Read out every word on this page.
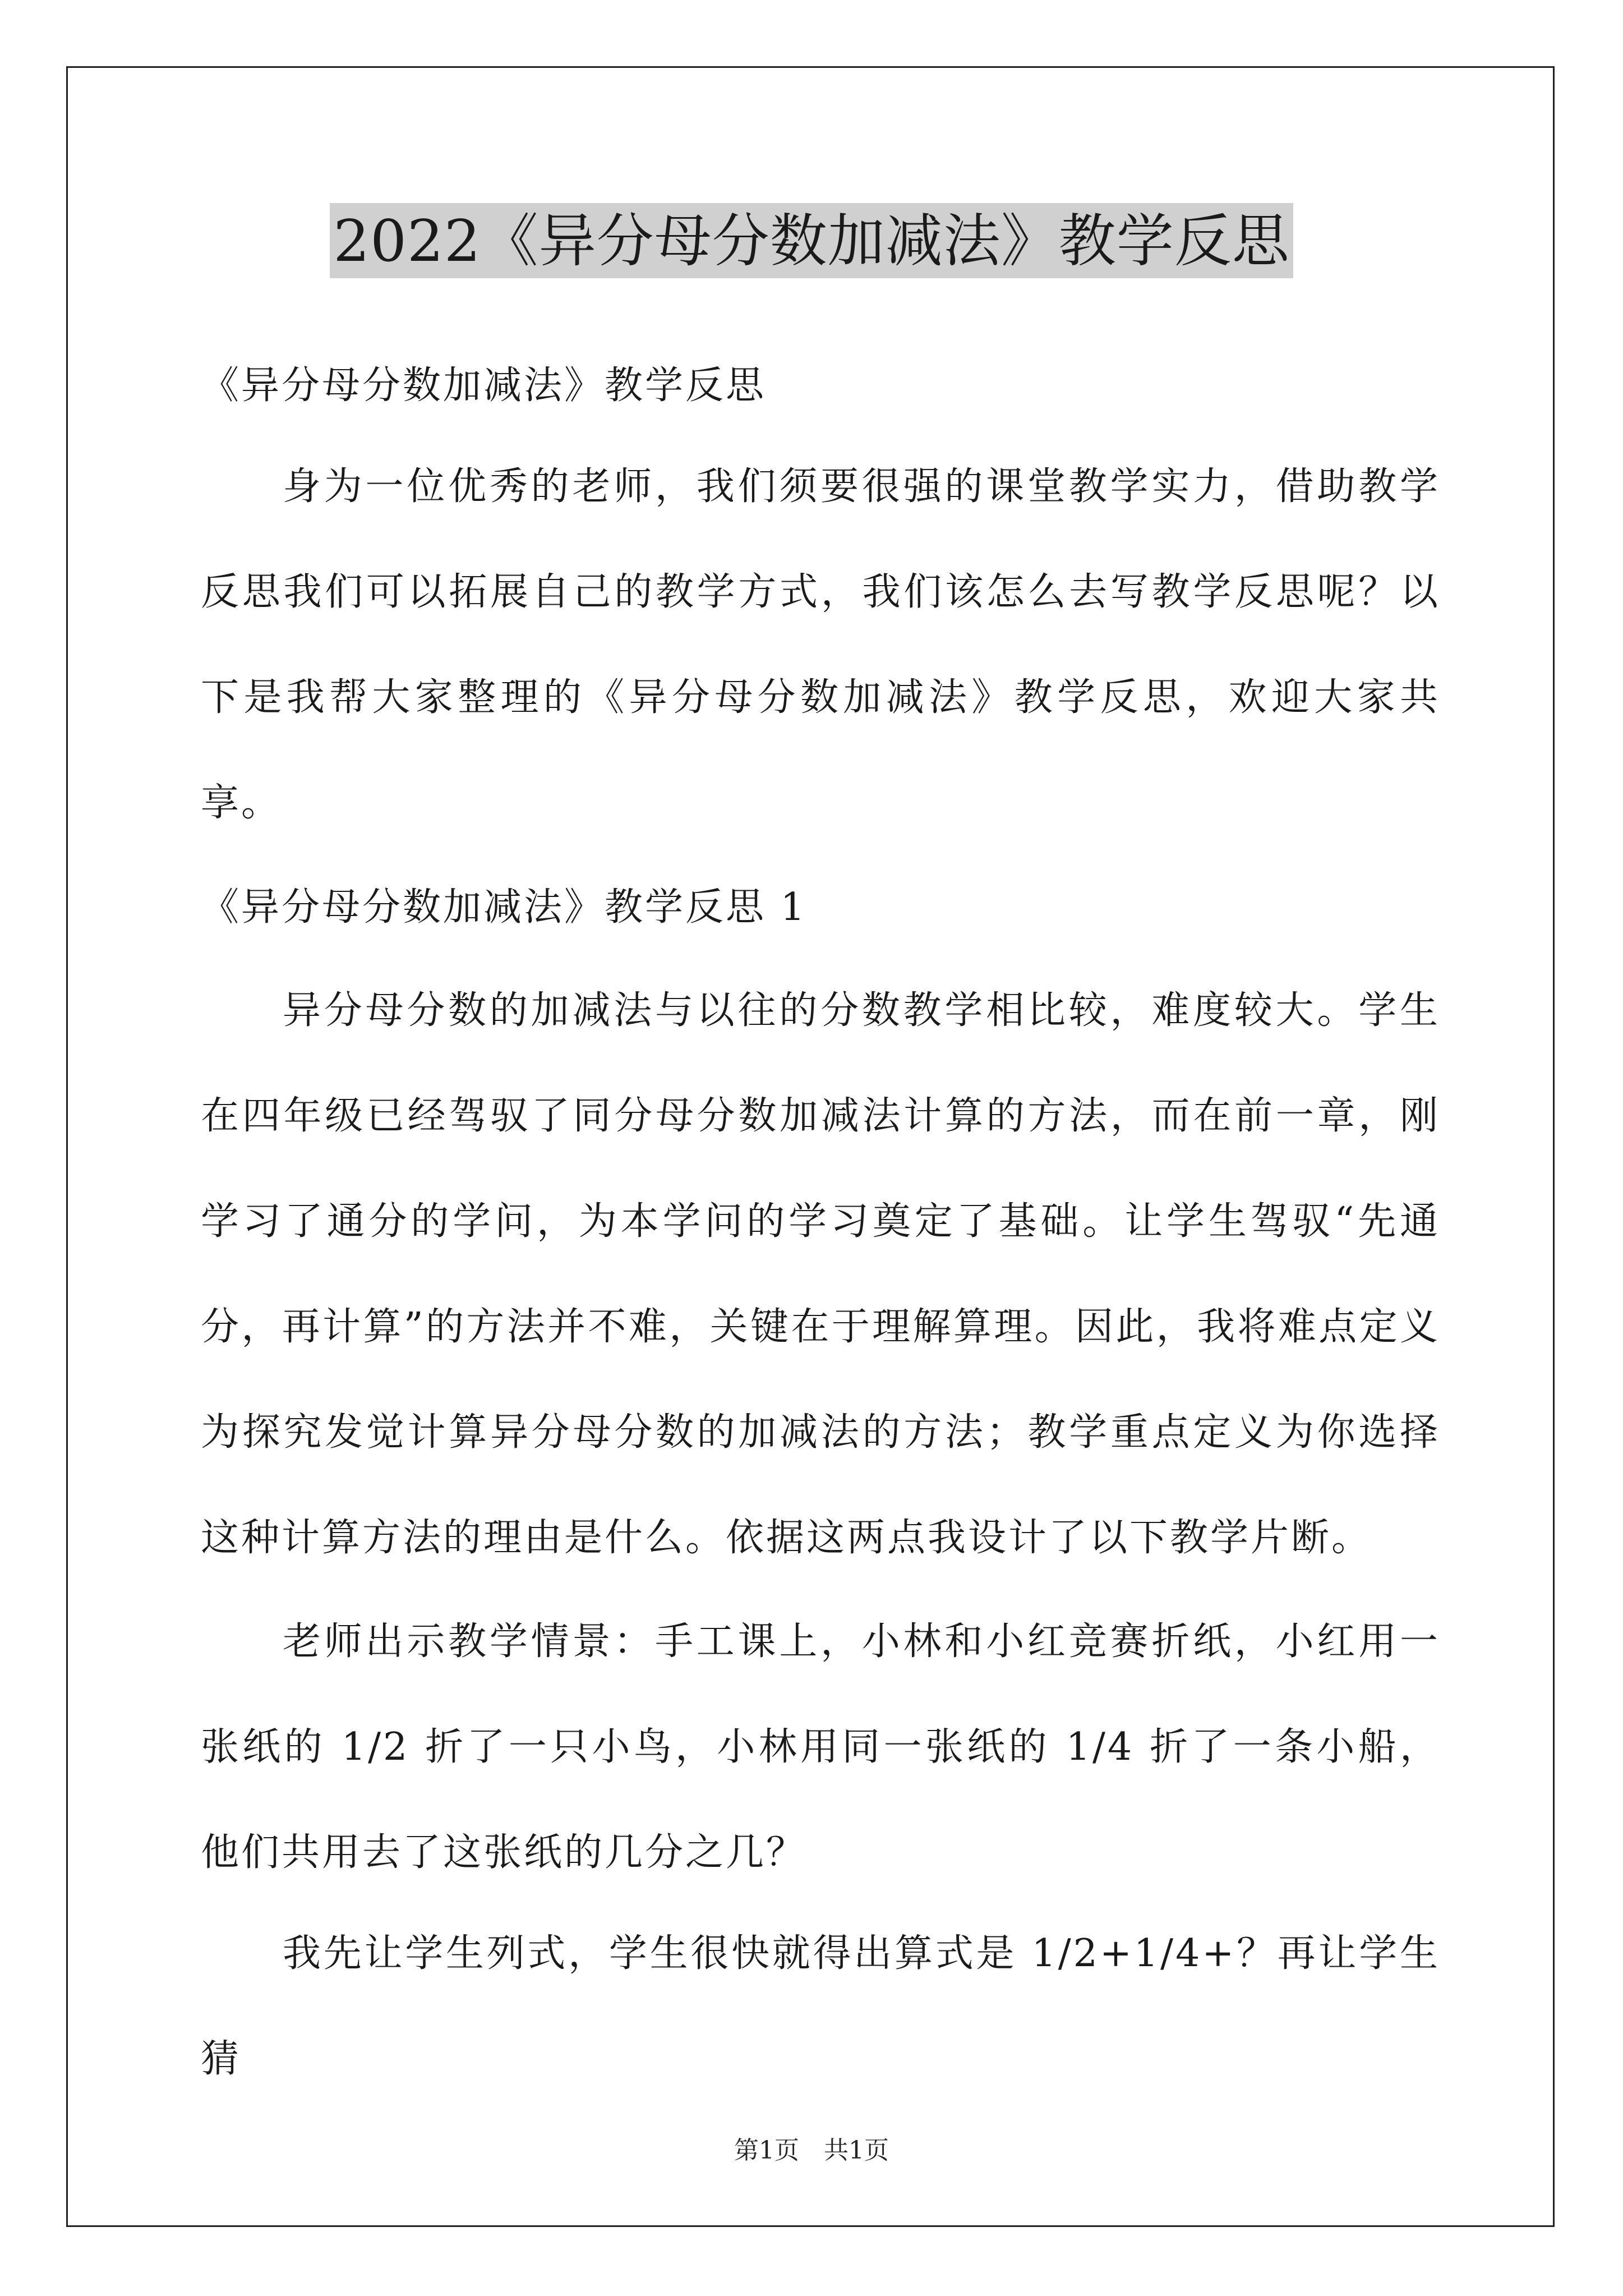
2022《异分母分数加减法》教学反思

《异分母分数加减法》教学反思

身为一位优秀的老师，我们须要很强的课堂教学实力，借助教学反思我们可以拓展自己的教学方式，我们该怎么去写教学反思呢？以下是我帮大家整理的《异分母分数加减法》教学反思，欢迎大家共享。

《异分母分数加减法》教学反思 1

异分母分数的加减法与以往的分数教学相比较，难度较大。学生在四年级已经驾驭了同分母分数加减法计算的方法，而在前一章，刚学习了通分的学问，为本学问的学习奠定了基础。让学生驾驭“先通分，再计算”的方法并不难，关键在于理解算理。因此，我将难点定义为探究发觉计算异分母分数的加减法的方法；教学重点定义为你选择这种计算方法的理由是什么。依据这两点我设计了以下教学片断。

老师出示教学情景：手工课上，小林和小红竞赛折纸，小红用一张纸的 1/2 折了一只小鸟，小林用同一张纸的 1/4 折了一条小船，他们共用去了这张纸的几分之几？

我先让学生列式，学生很快就得出算式是 1/2+1/4+？再让学生猜

第1页　共1页
